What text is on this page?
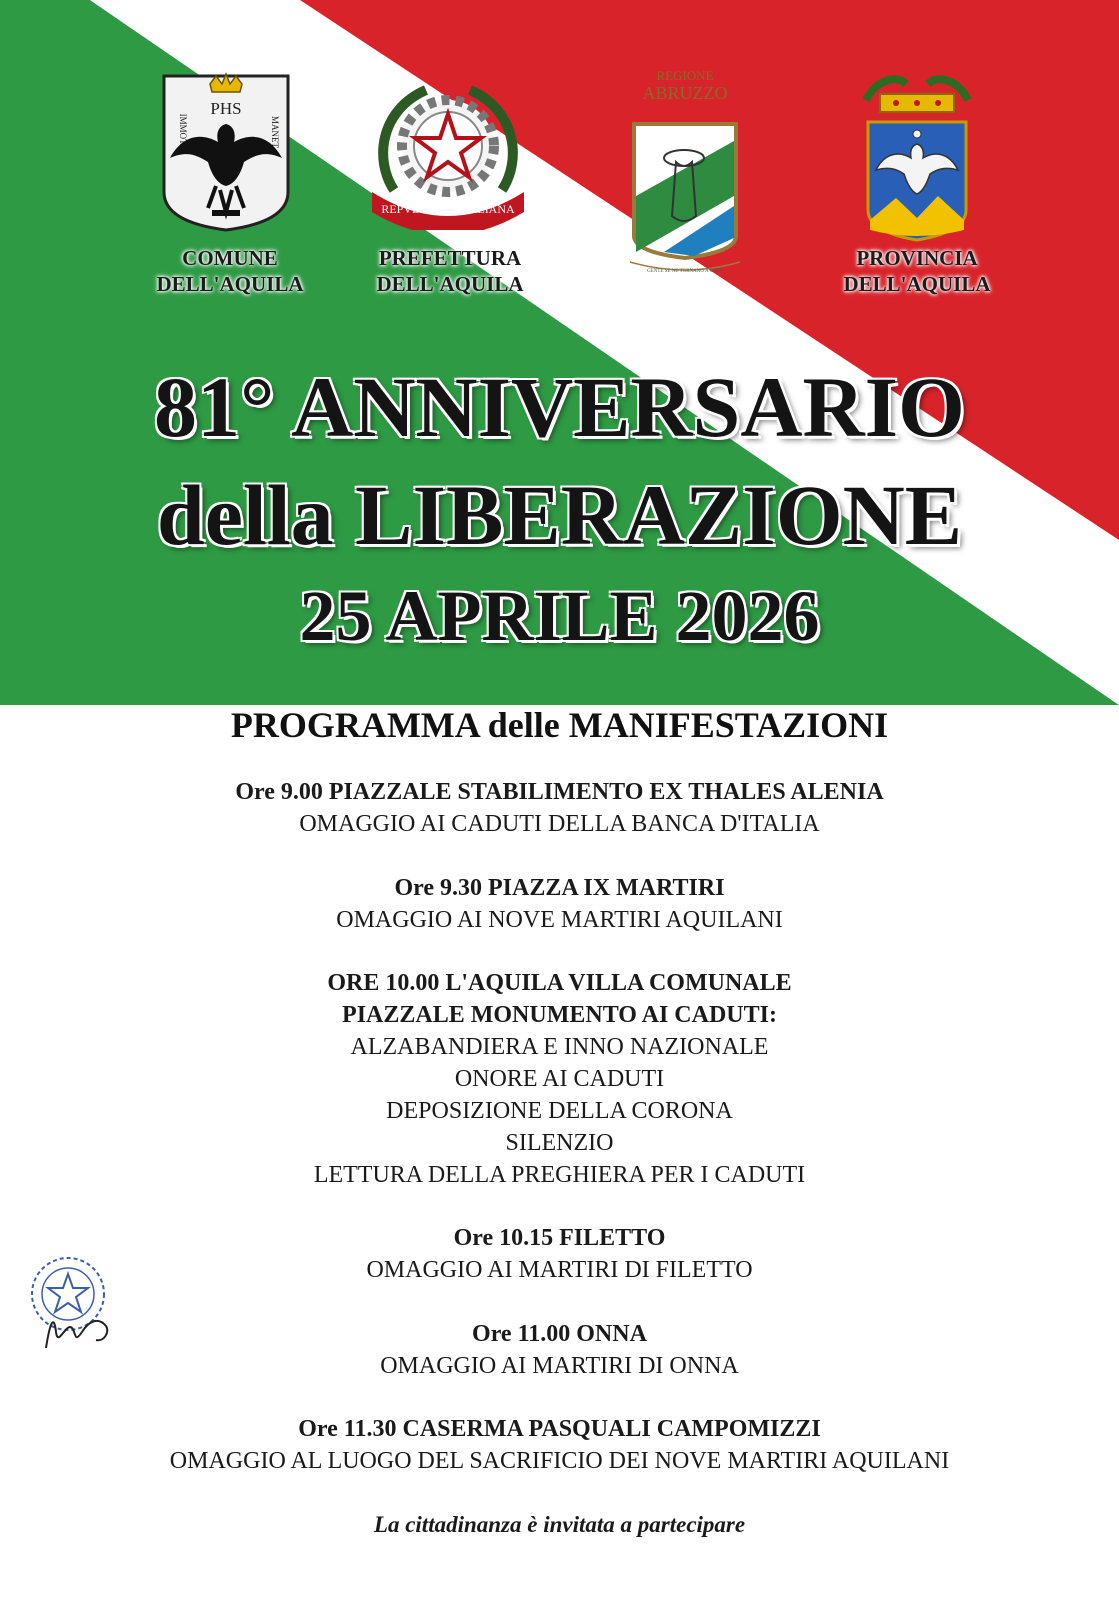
PHS
IMMOTA	MANET
COMUNE
DELL'AQUILA
REPVBBLICA ITALIANA
PREFETTURA
DELL'AQUILA
REGIONE
ABRUZZO
GENTE SE NE TORNANO A CASA
PROVINCIA
DELL'AQUILA
81° ANNIVERSARIO
della LIBERAZIONE
25 APRILE 2026
PROGRAMMA delle MANIFESTAZIONI
Ore 9.00 PIAZZALE STABILIMENTO EX THALES ALENIA
OMAGGIO AI CADUTI DELLA BANCA D'ITALIA
Ore 9.30 PIAZZA IX MARTIRI
OMAGGIO AI NOVE MARTIRI AQUILANI
ORE 10.00 L'AQUILA VILLA COMUNALE
PIAZZALE MONUMENTO AI CADUTI:
ALZABANDIERA E INNO NAZIONALE
ONORE AI CADUTI
DEPOSIZIONE DELLA CORONA
SILENZIO
LETTURA DELLA PREGHIERA PER I CADUTI
Ore 10.15 FILETTO
OMAGGIO AI MARTIRI DI FILETTO
Ore 11.00 ONNA
OMAGGIO AI MARTIRI DI ONNA
Ore 11.30 CASERMA PASQUALI CAMPOMIZZI
OMAGGIO AL LUOGO DEL SACRIFICIO DEI NOVE MARTIRI AQUILANI
La cittadinanza è invitata a partecipare
